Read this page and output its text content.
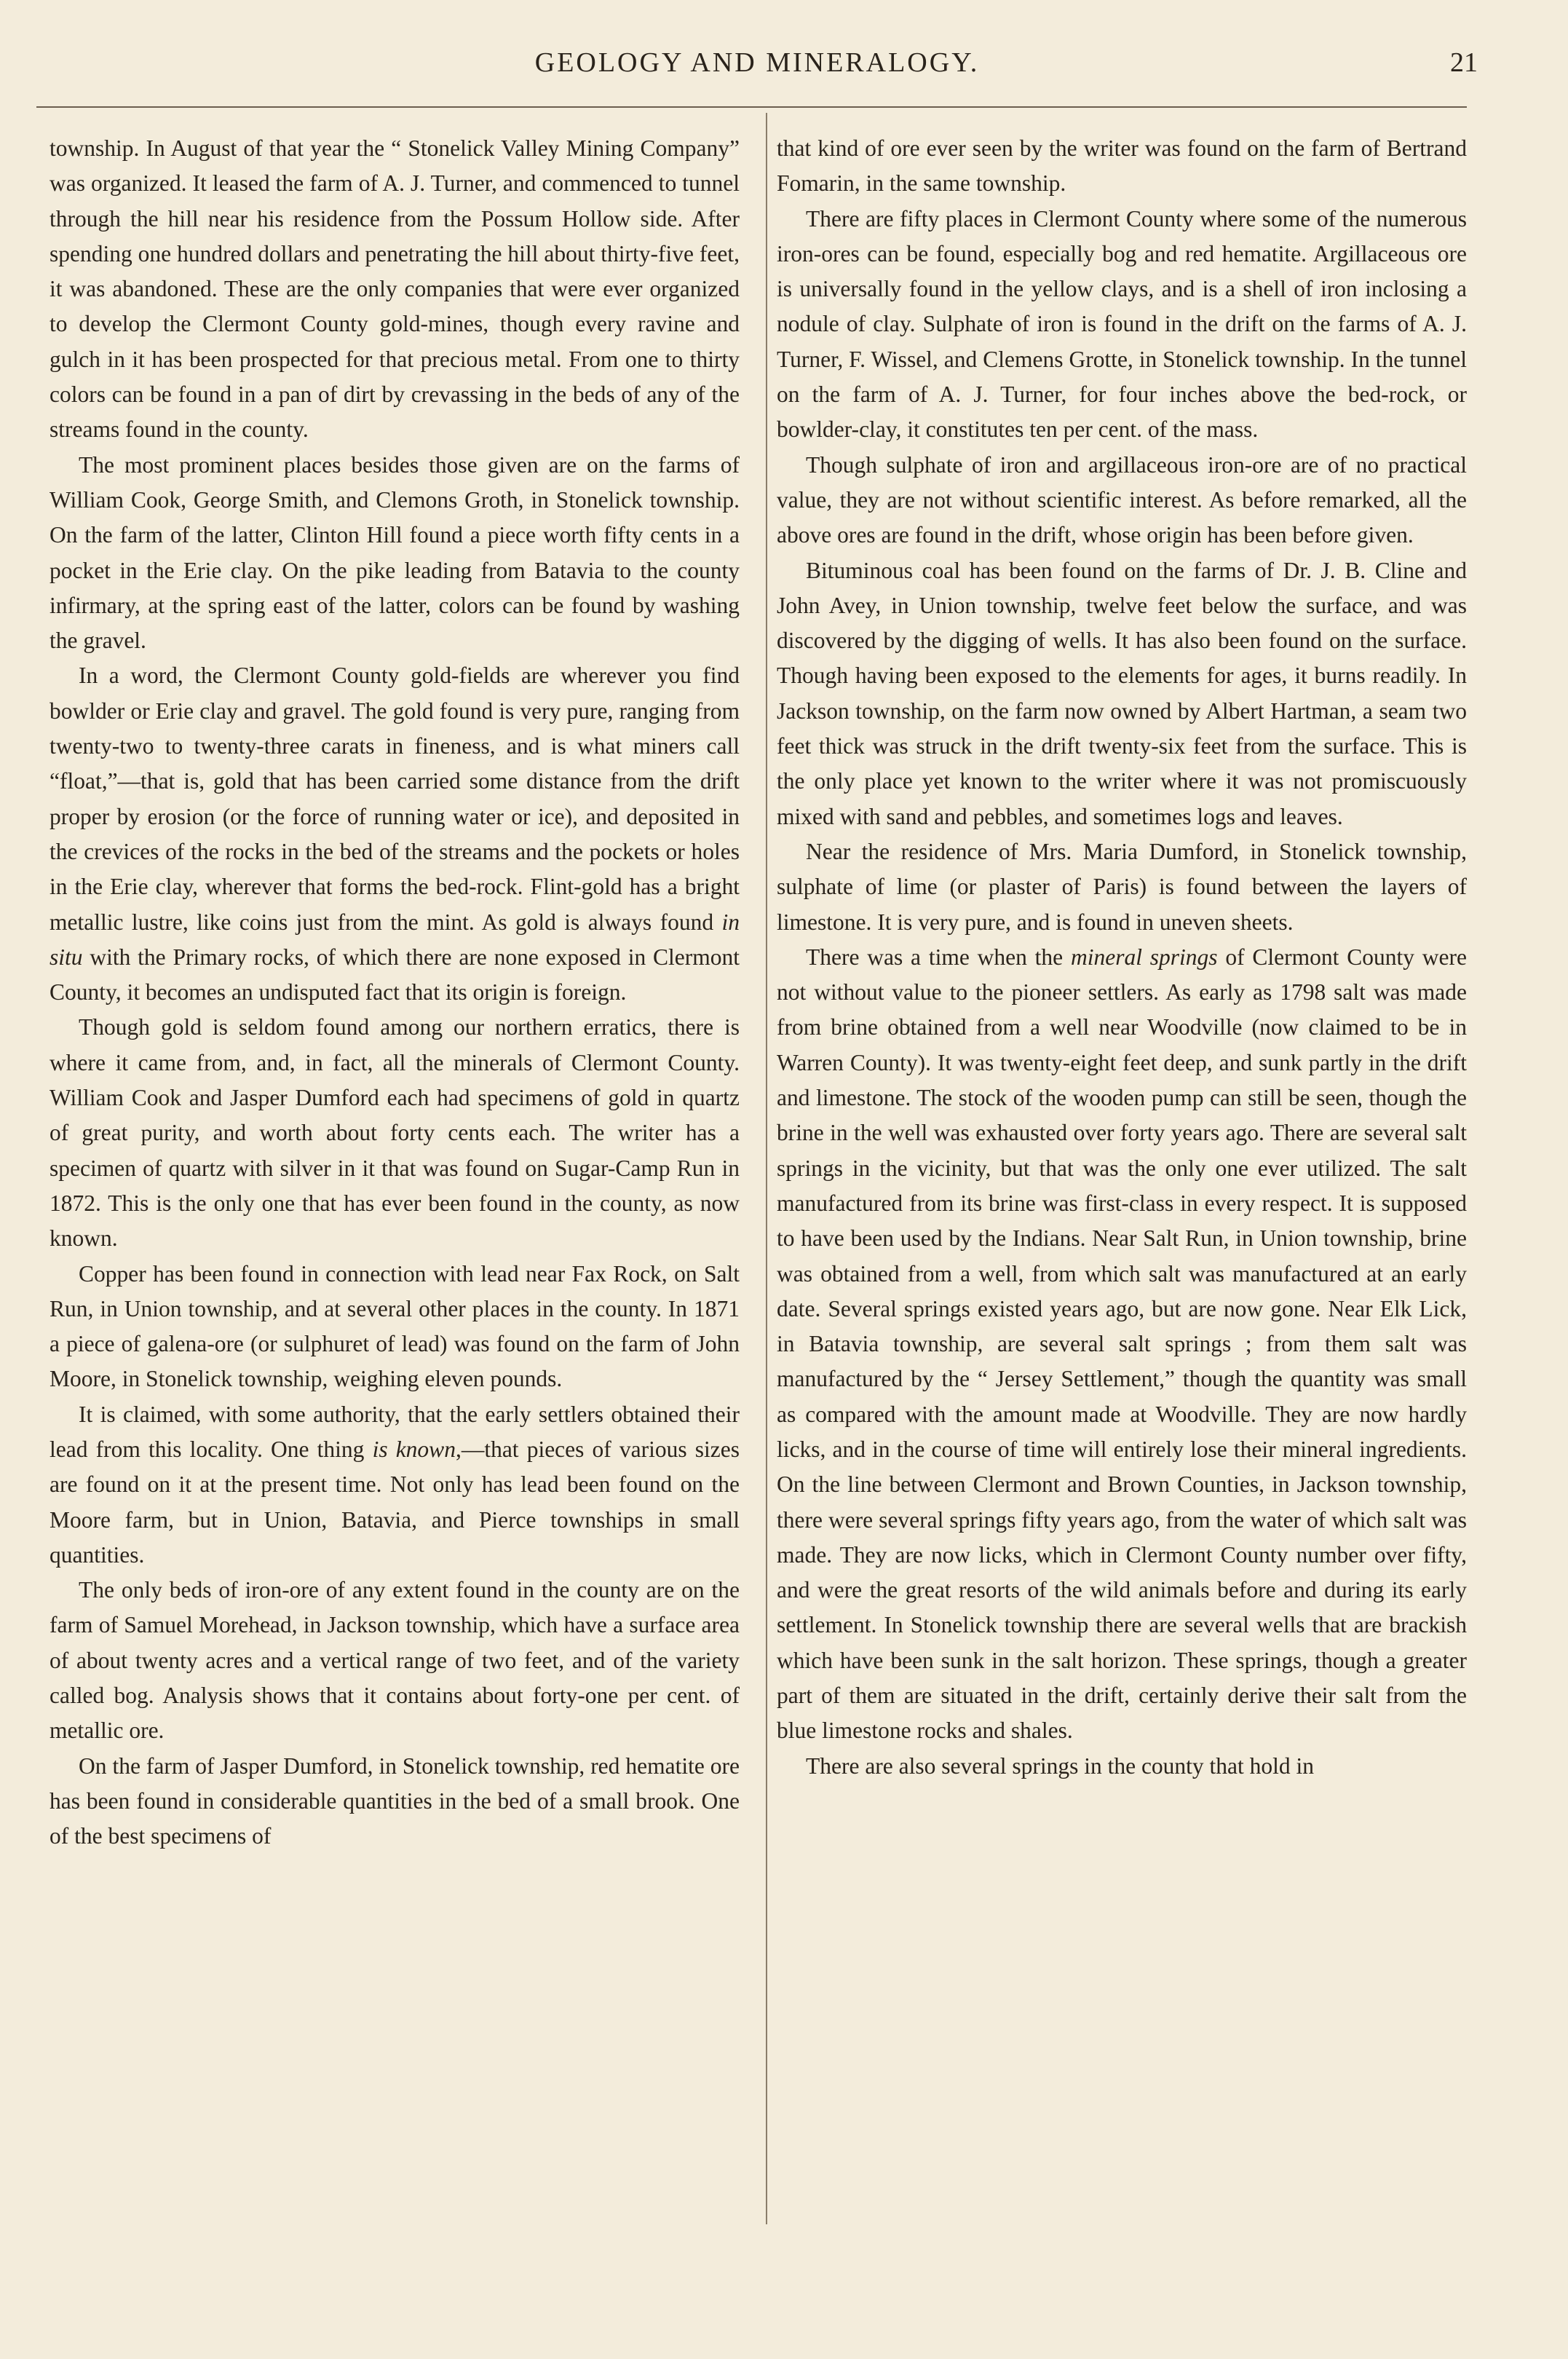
GEOLOGY AND MINERALOGY.	21

township. In August of that year the “ Stonelick Valley Mining Company” was organized. It leased the farm of A. J. Turner, and commenced to tunnel through the hill near his residence from the Possum Hollow side. After spending one hundred dollars and penetrating the hill about thirty-five feet, it was abandoned. These are the only companies that were ever organized to develop the Clermont County gold-mines, though every ravine and gulch in it has been prospected for that precious metal. From one to thirty colors can be found in a pan of dirt by crevassing in the beds of any of the streams found in the county.

The most prominent places besides those given are on the farms of William Cook, George Smith, and Clemons Groth, in Stonelick township. On the farm of the latter, Clinton Hill found a piece worth fifty cents in a pocket in the Erie clay. On the pike leading from Batavia to the county infirmary, at the spring east of the latter, colors can be found by washing the gravel.

In a word, the Clermont County gold-fields are wherever you find bowlder or Erie clay and gravel. The gold found is very pure, ranging from twenty-two to twenty-three carats in fineness, and is what miners call “float,”—that is, gold that has been carried some distance from the drift proper by erosion (or the force of running water or ice), and deposited in the crevices of the rocks in the bed of the streams and the pockets or holes in the Erie clay, wherever that forms the bed-rock. Flint-gold has a bright metallic lustre, like coins just from the mint. As gold is always found in situ with the Primary rocks, of which there are none exposed in Clermont County, it becomes an undisputed fact that its origin is foreign.

Though gold is seldom found among our northern erratics, there is where it came from, and, in fact, all the minerals of Clermont County. William Cook and Jasper Dumford each had specimens of gold in quartz of great purity, and worth about forty cents each. The writer has a specimen of quartz with silver in it that was found on Sugar-Camp Run in 1872. This is the only one that has ever been found in the county, as now known.

Copper has been found in connection with lead near Fax Rock, on Salt Run, in Union township, and at several other places in the county. In 1871 a piece of galena-ore (or sulphuret of lead) was found on the farm of John Moore, in Stonelick township, weighing eleven pounds.

It is claimed, with some authority, that the early settlers obtained their lead from this locality. One thing is known,—that pieces of various sizes are found on it at the present time. Not only has lead been found on the Moore farm, but in Union, Batavia, and Pierce townships in small quantities.

The only beds of iron-ore of any extent found in the county are on the farm of Samuel Morehead, in Jackson township, which have a surface area of about twenty acres and a vertical range of two feet, and of the variety called bog. Analysis shows that it contains about forty-one per cent. of metallic ore.

On the farm of Jasper Dumford, in Stonelick township, red hematite ore has been found in considerable quantities in the bed of a small brook. One of the best specimens of

that kind of ore ever seen by the writer was found on the farm of Bertrand Fomarin, in the same township.

There are fifty places in Clermont County where some of the numerous iron-ores can be found, especially bog and red hematite. Argillaceous ore is universally found in the yellow clays, and is a shell of iron inclosing a nodule of clay. Sulphate of iron is found in the drift on the farms of A. J. Turner, F. Wissel, and Clemens Grotte, in Stonelick township. In the tunnel on the farm of A. J. Turner, for four inches above the bed-rock, or bowlder-clay, it constitutes ten per cent. of the mass.

Though sulphate of iron and argillaceous iron-ore are of no practical value, they are not without scientific interest. As before remarked, all the above ores are found in the drift, whose origin has been before given.

Bituminous coal has been found on the farms of Dr. J. B. Cline and John Avey, in Union township, twelve feet below the surface, and was discovered by the digging of wells. It has also been found on the surface. Though having been exposed to the elements for ages, it burns readily. In Jackson township, on the farm now owned by Albert Hartman, a seam two feet thick was struck in the drift twenty-six feet from the surface. This is the only place yet known to the writer where it was not promiscuously mixed with sand and pebbles, and sometimes logs and leaves.

Near the residence of Mrs. Maria Dumford, in Stonelick township, sulphate of lime (or plaster of Paris) is found between the layers of limestone. It is very pure, and is found in uneven sheets.

There was a time when the mineral springs of Clermont County were not without value to the pioneer settlers. As early as 1798 salt was made from brine obtained from a well near Woodville (now claimed to be in Warren County). It was twenty-eight feet deep, and sunk partly in the drift and limestone. The stock of the wooden pump can still be seen, though the brine in the well was exhausted over forty years ago. There are several salt springs in the vicinity, but that was the only one ever utilized. The salt manufactured from its brine was first-class in every respect. It is supposed to have been used by the Indians. Near Salt Run, in Union township, brine was obtained from a well, from which salt was manufactured at an early date. Several springs existed years ago, but are now gone. Near Elk Lick, in Batavia township, are several salt springs ; from them salt was manufactured by the “ Jersey Settlement,” though the quantity was small as compared with the amount made at Woodville. They are now hardly licks, and in the course of time will entirely lose their mineral ingredients. On the line between Clermont and Brown Counties, in Jackson township, there were several springs fifty years ago, from the water of which salt was made. They are now licks, which in Clermont County number over fifty, and were the great resorts of the wild animals before and during its early settlement. In Stonelick township there are several wells that are brackish which have been sunk in the salt horizon. These springs, though a greater part of them are situated in the drift, certainly derive their salt from the blue limestone rocks and shales.

There are also several springs in the county that hold in
